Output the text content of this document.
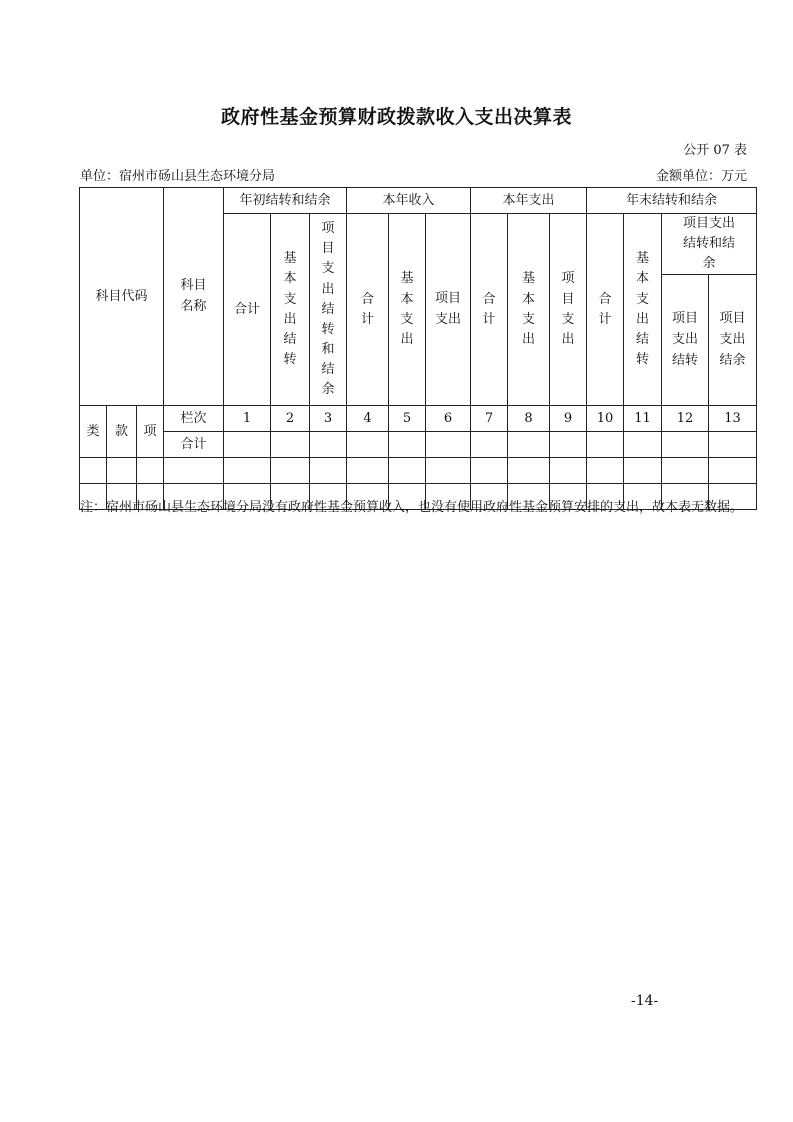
政府性基金预算财政拨款收入支出决算表
公开 07 表
单位：宿州市砀山县生态环境分局	金额单位：万元
科目代码			科目名称	年初结转和结余			本年收入			本年支出			年末结转和结余			
				合计	基本支出结转	项目支出结转和结余	合计	基本支出	项目支出	合计	基本支出	项目支出	合计	基本支出结转	项目支出结转和结余	
															项目支出结转	项目支出结余
类	款	项	栏次	1	2	3	4	5	6	7	8	9	10	11	12	13
			合计													

注：宿州市砀山县生态环境分局没有政府性基金预算收入，也没有使用政府性基金预算安排的支出，故本表无数据。
-14-
